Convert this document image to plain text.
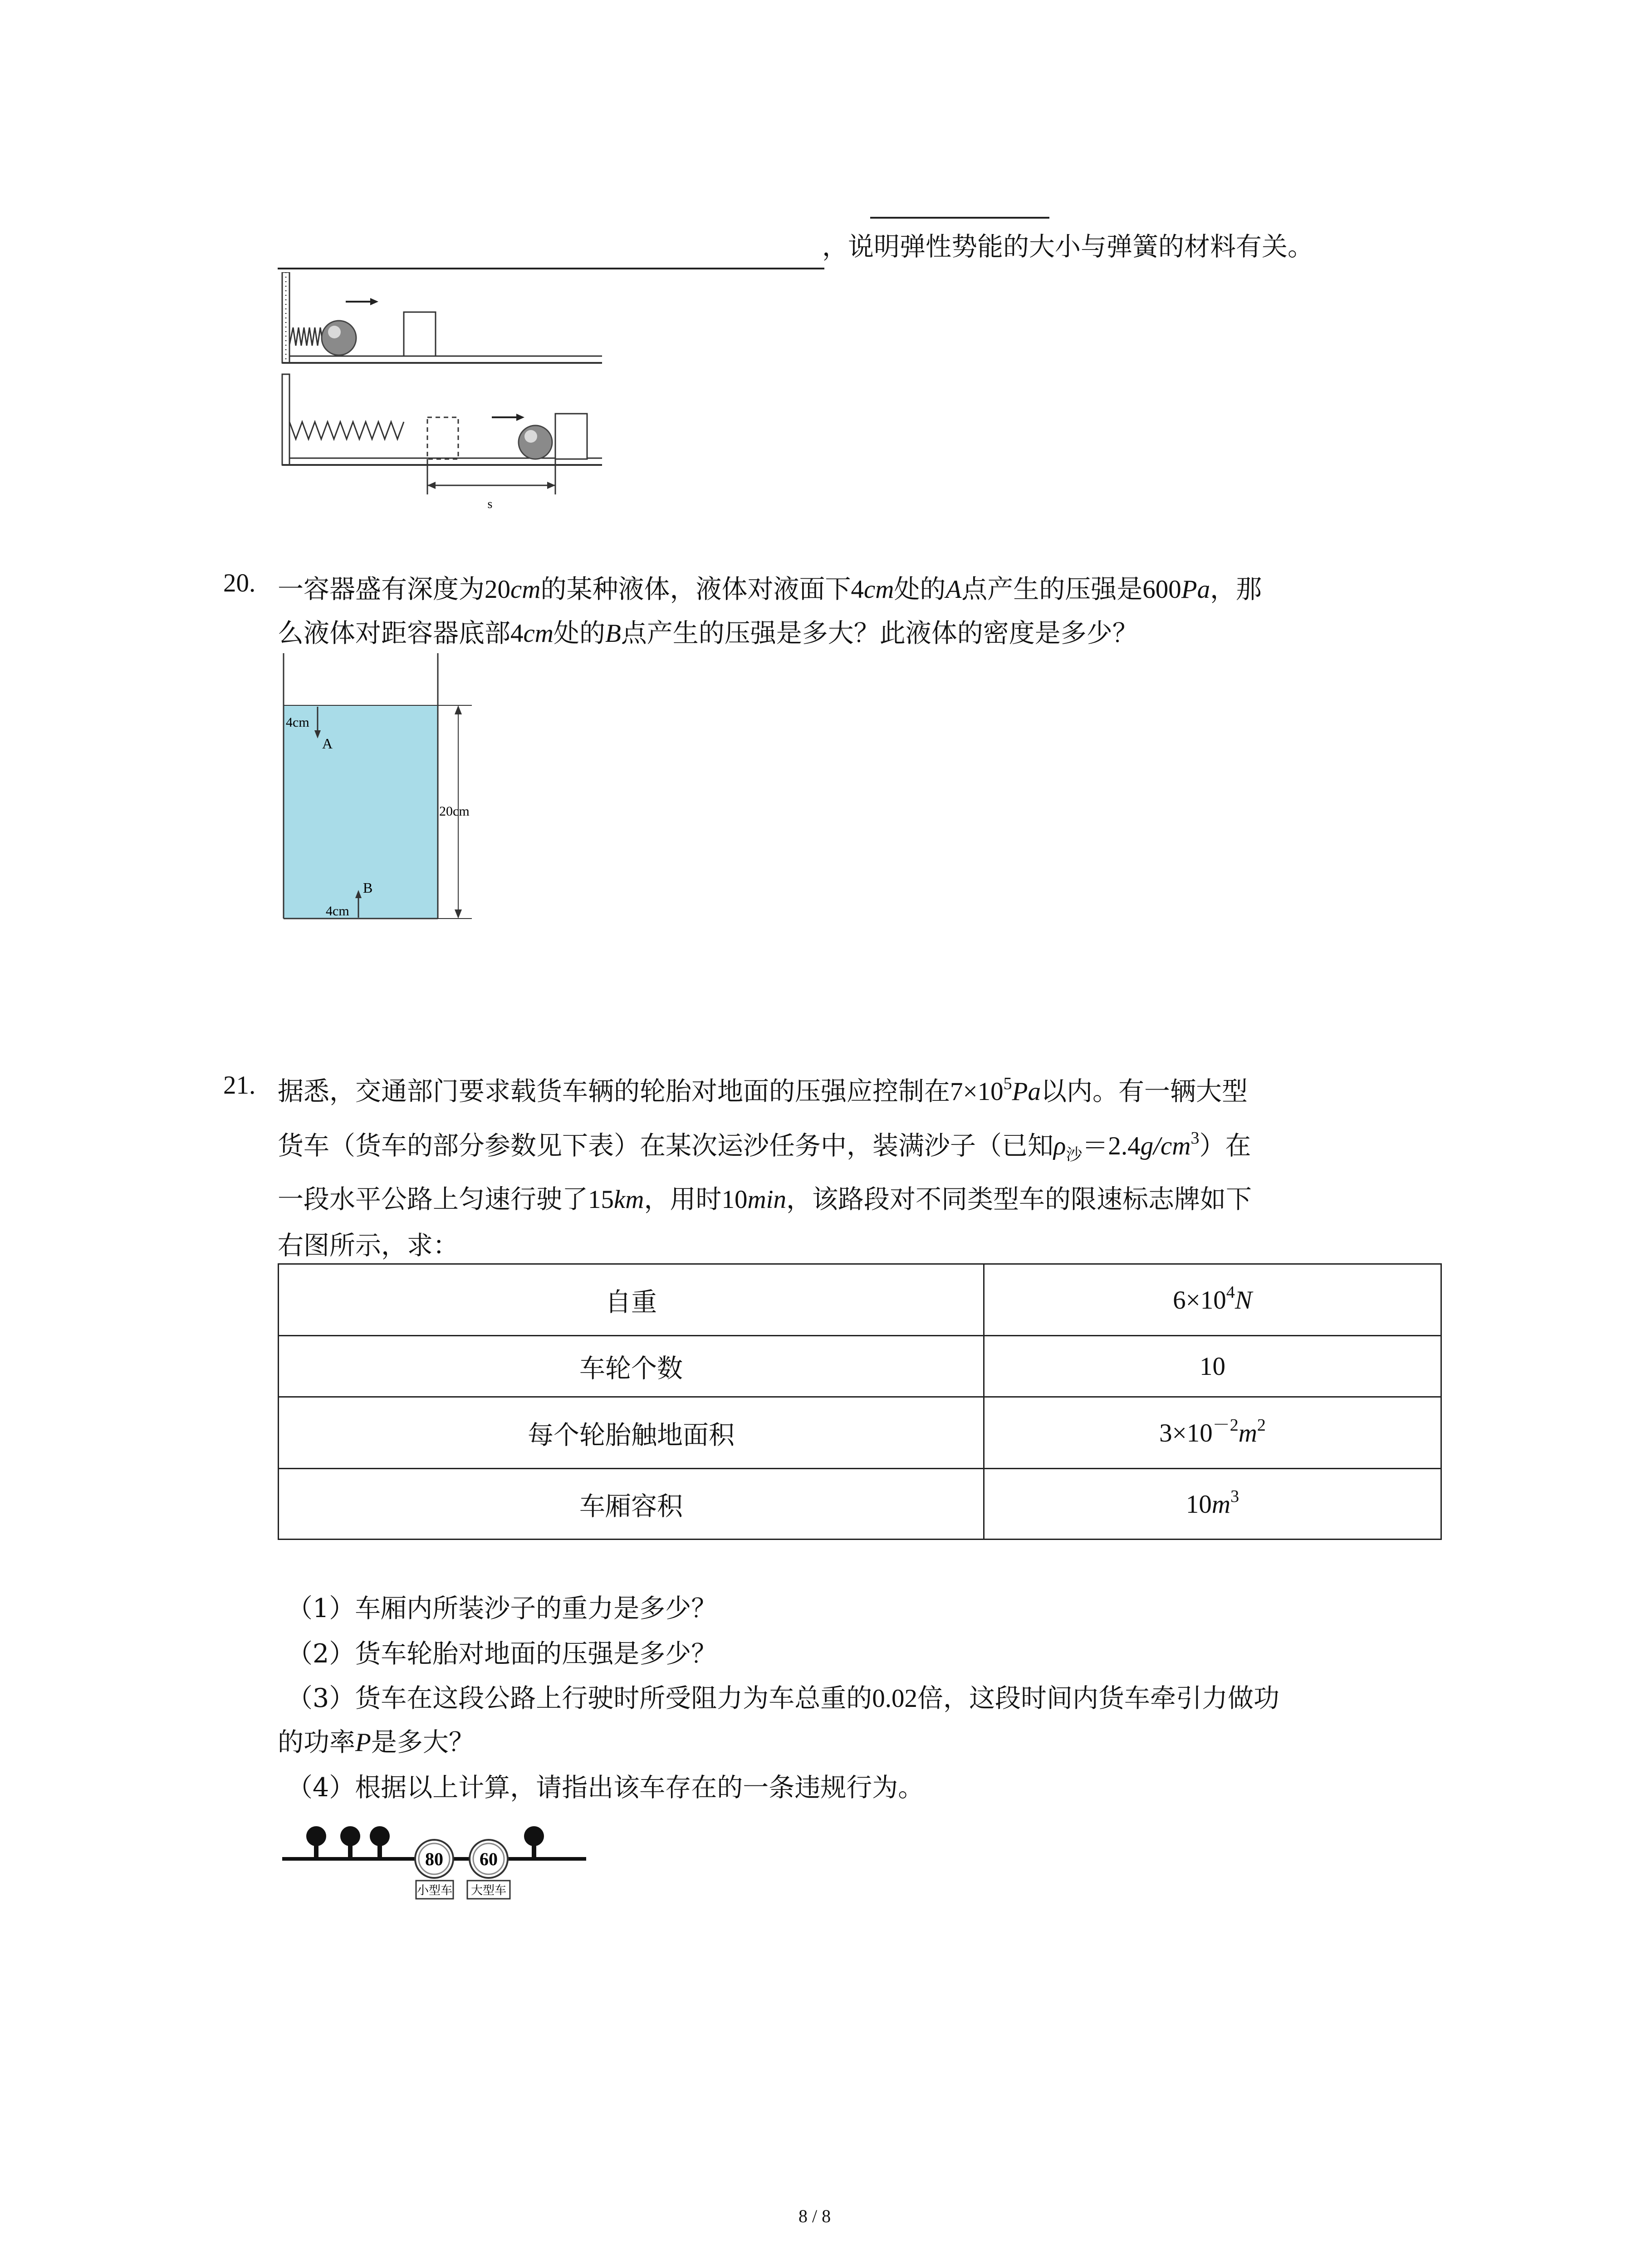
，说明弹性势能的大小与弹簧的材料有关。
s
20. 一容器盛有深度为20cm的某种液体，液体对液面下4cm处的A点产生的压强是600Pa，那
么液体对距容器底部4cm处的B点产生的压强是多大？此液体的密度是多少？
20cm
4cm
A
B
4cm
21. 据悉，交通部门要求载货车辆的轮胎对地面的压强应控制在$7\times 10^5Pa$以内。有一辆大型
货车（货车的部分参数见下表）在某次运沙任务中，装满沙子（已知$\rho_沙=2.4g/cm^3$）在
一段水平公路上匀速行驶了15km，用时10min，该路段对不同类型车的限速标志牌如下
右图所示，求：
自重	$6\times 10^4N$
车轮个数	10
每个轮胎触地面积	$3\times 10^{-2}m^2$
车厢容积	$10m^3$
（1）车厢内所装沙子的重力是多少？
（2）货车轮胎对地面的压强是多少？
（3）货车在这段公路上行驶时所受阻力为车总重的0.02倍，这段时间内货车牵引力做功
的功率P是多大？
（4）根据以上计算，请指出该车存在的一条违规行为。
80
小型车
60
大型车
8 / 8
